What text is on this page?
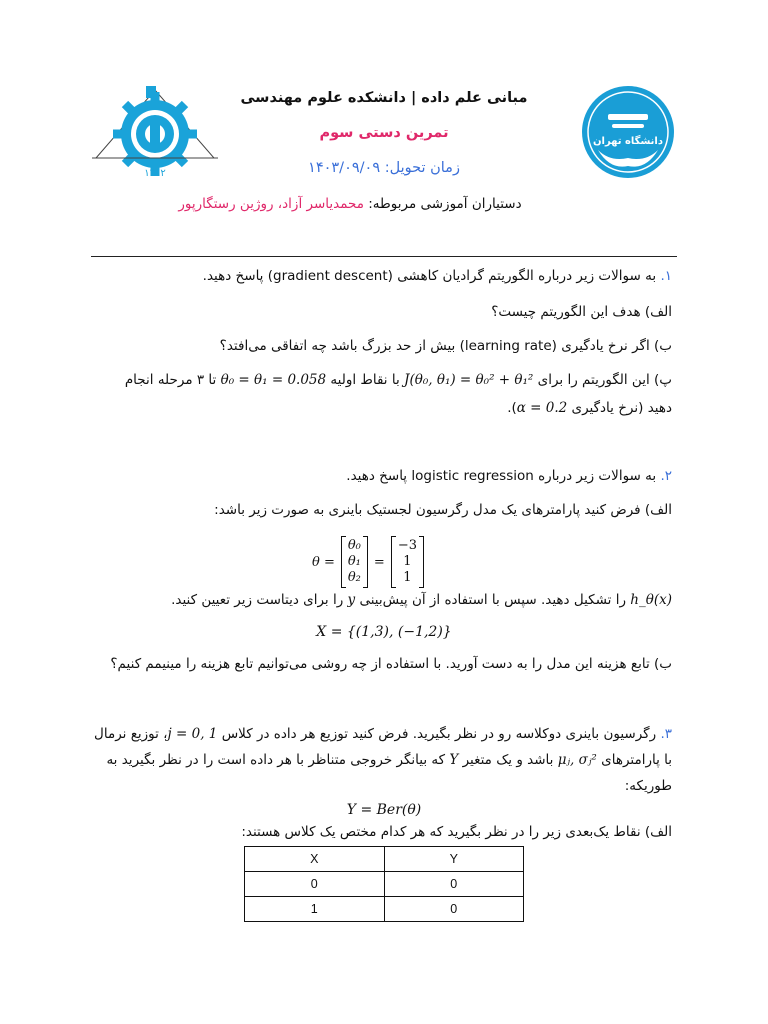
۱۳۰۲
دانشگاه تهران
مبانی علم داده | دانشکده علوم مهندسی
تمرین دستی سوم
زمان تحویل: ۱۴۰۳/۰۹/۰۹
دستیاران آموزشی مربوطه: محمدیاسر آزاد، روژین رستگارپور
۱. به سوالات زیر درباره الگوریتم گرادیان کاهشی (gradient descent) پاسخ دهید.
الف) هدف این الگوریتم چیست؟
ب) اگر نرخ یادگیری (learning rate) بیش از حد بزرگ باشد چه اتفاقی می‌افتد؟
پ) این الگوریتم را برای J(θ₀, θ₁) = θ₀² + θ₁² با نقاط اولیه θ₀ = θ₁ = 0.058 تا ۳ مرحله انجام
دهید (نرخ یادگیری α = 0.2).
۲. به سوالات زیر درباره logistic regression پاسخ دهید.
الف) فرض کنید پارامترهای یک مدل رگرسیون لجستیک باینری به صورت زیر باشد:
θ =
θ₀
θ₁
θ₂
=
−3
1
1
h_θ(x) را تشکیل دهید. سپس با استفاده از آن پیش‌بینی y را برای دیتاست زیر تعیین کنید.
X = {(1,3), (−1,2)}
ب) تابع هزینه این مدل را به دست آورید. با استفاده از چه روشی می‌توانیم تابع هزینه را مینیمم کنیم؟
۳. رگرسیون باینری دوکلاسه رو در نظر بگیرید. فرض کنید توزیع هر داده در کلاس j = 0, 1، توزیع نرمال
با پارامترهای μⱼ, σⱼ² باشد و یک متغیر Y که بیانگر خروجی متناظر با هر داده است را در نظر بگیرید به
طوریکه:
Y = Ber(θ)
الف) نقاط یک‌بعدی زیر را در نظر بگیرید که هر کدام مختص یک کلاس هستند:
X	Y
0	0
1	0
